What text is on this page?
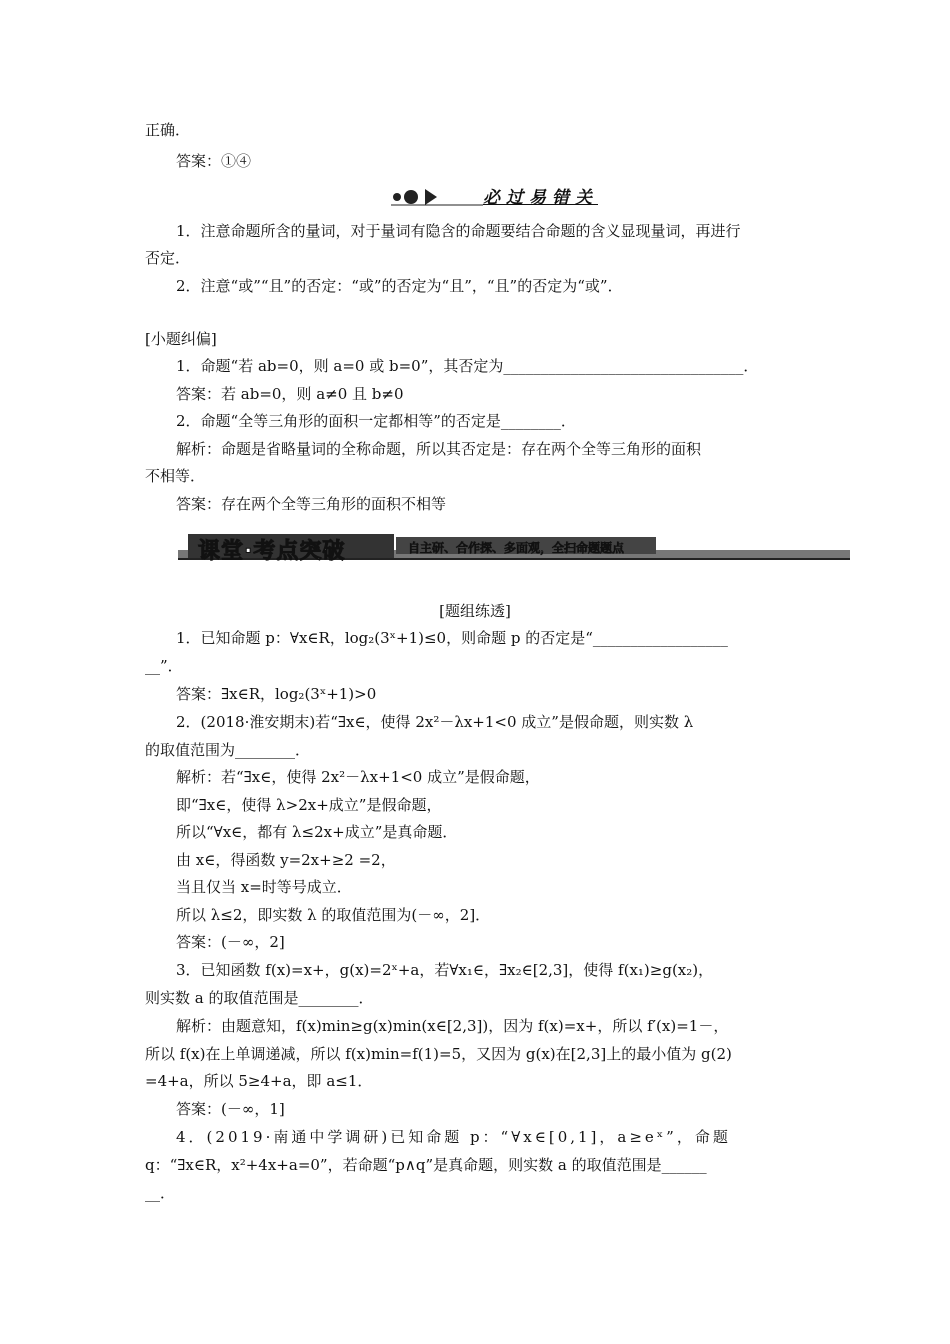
正确．
答案：①④
必过易错关
1．注意命题所含的量词，对于量词有隐含的命题要结合命题的含义显现量词，再进行
否定．
2．注意“或”“且”的否定：“或”的否定为“且”，“且”的否定为“或”．
[小题纠偏]
1．命题“若 ab=0，则 a=0 或 b=0”，其否定为________________________________．
答案：若 ab=0，则 a≠0 且 b≠0
2．命题“全等三角形的面积一定都相等”的否定是________．
解析：命题是省略量词的全称命题，所以其否定是：存在两个全等三角形的面积
不相等．
答案：存在两个全等三角形的面积不相等
课堂·考点突破	自主研、合作探、多面观，全扫命题题点
[题组练透]
1．已知命题 p：∀x∈R，log₂(3ˣ+1)≤0，则命题 p 的否定是“__________________
__”．
答案：∃x∈R，log₂(3ˣ+1)>0
2．(2018·淮安期末)若“∃x∈，使得 2x²－λx+1<0 成立”是假命题，则实数 λ
的取值范围为________．
解析：若“∃x∈，使得 2x²－λx+1<0 成立”是假命题，
即“∃x∈，使得 λ>2x+成立”是假命题，
所以“∀x∈，都有 λ≤2x+成立”是真命题．
由 x∈，得函数 y=2x+≥2 =2，
当且仅当 x=时等号成立．
所以 λ≤2，即实数 λ 的取值范围为(－∞，2]．
答案：(－∞，2]
3．已知函数 f(x)=x+，g(x)=2ˣ+a，若∀x₁∈，∃x₂∈[2,3]，使得 f(x₁)≥g(x₂)，
则实数 a 的取值范围是________．
解析：由题意知，f(x)min≥g(x)min(x∈[2,3])，因为 f(x)=x+，所以 f′(x)=1－，
所以 f(x)在上单调递减，所以 f(x)min=f(1)=5，又因为 g(x)在[2,3]上的最小值为 g(2)
=4+a，所以 5≥4+a，即 a≤1．
答案：(－∞，1]
4．(2019·南通中学调研)已知命题 p：“∀x∈[0,1]，a≥eˣ”，命题
q：“∃x∈R，x²+4x+a=0”，若命题“p∧q”是真命题，则实数 a 的取值范围是______
__．
